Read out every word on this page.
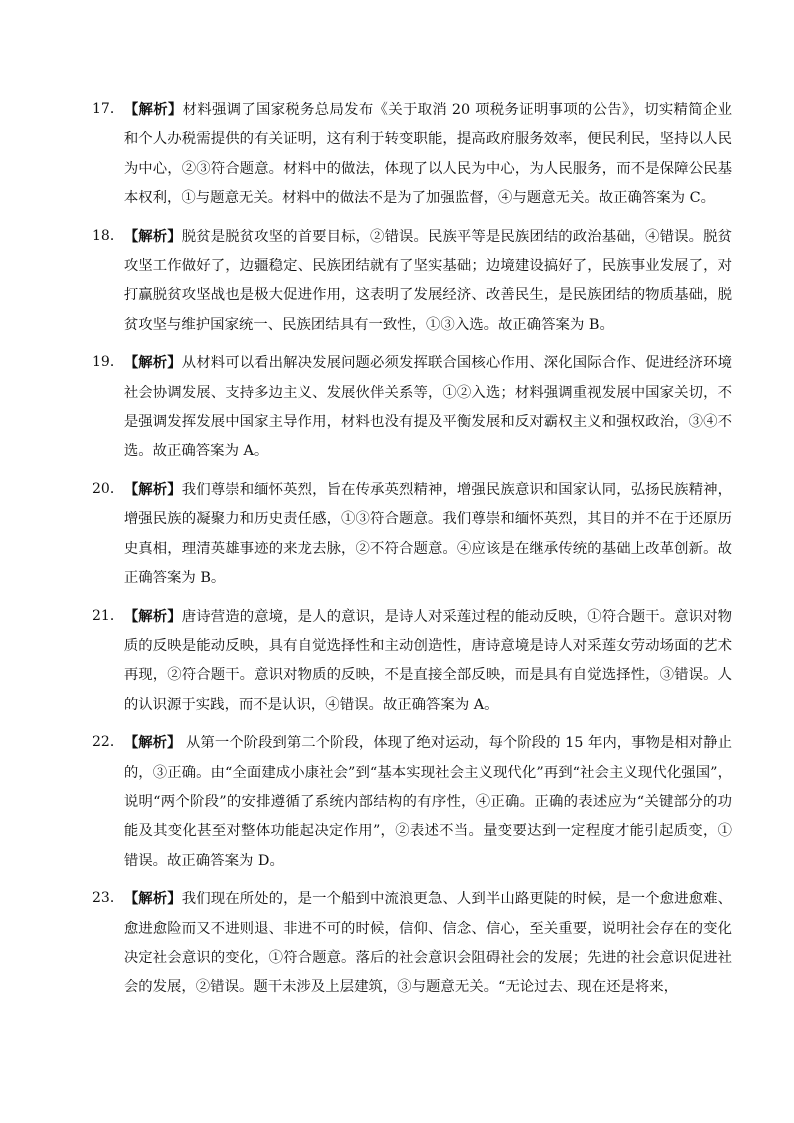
17． 【解析】材料强调了国家税务总局发布《关于取消 20 项税务证明事项的公告》，切实精简企业和个人办税需提供的有关证明，这有利于转变职能，提高政府服务效率，便民利民，坚持以人民为中心，②③符合题意。材料中的做法，体现了以人民为中心，为人民服务，而不是保障公民基本权利，①与题意无关。材料中的做法不是为了加强监督，④与题意无关。故正确答案为 C。
18． 【解析】脱贫是脱贫攻坚的首要目标，②错误。民族平等是民族团结的政治基础，④错误。脱贫攻坚工作做好了，边疆稳定、民族团结就有了坚实基础；边境建设搞好了，民族事业发展了，对打赢脱贫攻坚战也是极大促进作用，这表明了发展经济、改善民生，是民族团结的物质基础，脱贫攻坚与维护国家统一、民族团结具有一致性，①③入选。故正确答案为 B。
19． 【解析】从材料可以看出解决发展问题必须发挥联合国核心作用、深化国际合作、促进经济环境社会协调发展、支持多边主义、发展伙伴关系等，①②入选；材料强调重视发展中国家关切，不是强调发挥发展中国家主导作用，材料也没有提及平衡发展和反对霸权主义和强权政治，③④不选。故正确答案为 A。
20． 【解析】我们尊崇和缅怀英烈，旨在传承英烈精神，增强民族意识和国家认同，弘扬民族精神，增强民族的凝聚力和历史责任感，①③符合题意。我们尊崇和缅怀英烈，其目的并不在于还原历史真相，理清英雄事迹的来龙去脉，②不符合题意。④应该是在继承传统的基础上改革创新。故正确答案为 B。
21． 【解析】唐诗营造的意境，是人的意识，是诗人对采莲过程的能动反映，①符合题干。意识对物质的反映是能动反映，具有自觉选择性和主动创造性，唐诗意境是诗人对采莲女劳动场面的艺术再现，②符合题干。意识对物质的反映，不是直接全部反映，而是具有自觉选择性，③错误。人的认识源于实践，而不是认识，④错误。故正确答案为 A。
22． 【解析】 从第一个阶段到第二个阶段，体现了绝对运动，每个阶段的 15 年内，事物是相对静止的，③正确。由“全面建成小康社会”到“基本实现社会主义现代化”再到“社会主义现代化强国”，说明“两个阶段”的安排遵循了系统内部结构的有序性，④正确。正确的表述应为“关键部分的功能及其变化甚至对整体功能起决定作用”，②表述不当。量变要达到一定程度才能引起质变，①错误。故正确答案为 D。
23． 【解析】我们现在所处的，是一个船到中流浪更急、人到半山路更陡的时候，是一个愈进愈难、愈进愈险而又不进则退、非进不可的时候，信仰、信念、信心，至关重要，说明社会存在的变化决定社会意识的变化，①符合题意。落后的社会意识会阻碍社会的发展；先进的社会意识促进社会的发展，②错误。题干未涉及上层建筑，③与题意无关。“无论过去、现在还是将来，
